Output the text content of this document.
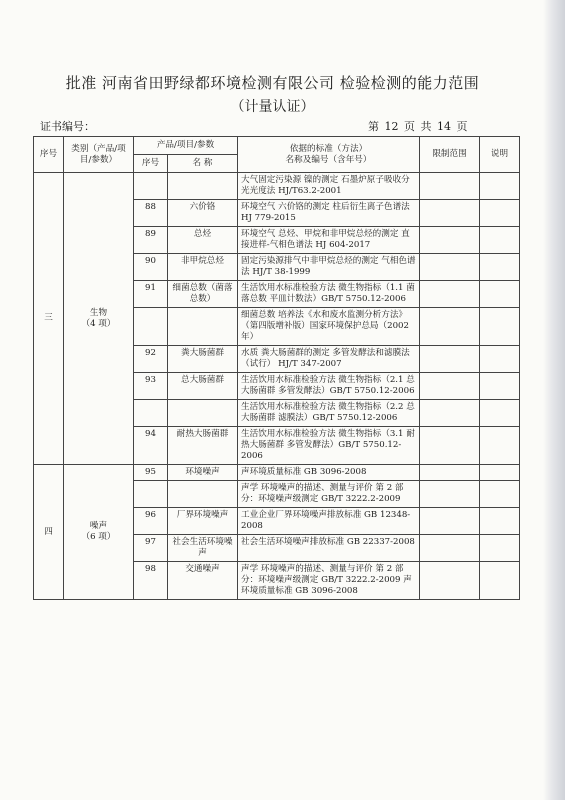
批准 河南省田野绿都环境检测有限公司 检验检测的能力范围
（计量认证）
证书编号：	第 12 页 共 14 页
序号	类别（产品/项目/参数）	产品/项目/参数		依据的标准（方法）
名称及编号（含年号）	限制范围	说明
		序号	名 称			
三	生物
（4 项）			大气固定污染源 镍的测定 石墨炉原子吸收分光光度法 HJ/T63.2-2001		
		88	六价铬	环境空气 六价铬的测定 柱后衍生离子色谱法 HJ 779-2015		
		89	总烃	环境空气 总烃、甲烷和非甲烷总烃的测定 直接进样-气相色谱法 HJ 604-2017		
		90	非甲烷总烃	固定污染源排气中非甲烷总烃的测定 气相色谱法 HJ/T 38-1999		
		91	细菌总数（菌落总数）	生活饮用水标准检验方法 微生物指标（1.1 菌落总数 平皿计数法）GB/T 5750.12-2006		
				细菌总数 培养法《水和废水监测分析方法》（第四版增补版）国家环境保护总局（2002 年）		
		92	粪大肠菌群	水质 粪大肠菌群的测定 多管发酵法和滤膜法（试行） HJ/T 347-2007		
		93	总大肠菌群	生活饮用水标准检验方法 微生物指标（2.1 总大肠菌群 多管发酵法）GB/T 5750.12-2006		
				生活饮用水标准检验方法 微生物指标（2.2 总大肠菌群 滤膜法）GB/T 5750.12-2006		
		94	耐热大肠菌群	生活饮用水标准检验方法 微生物指标（3.1 耐热大肠菌群 多管发酵法）GB/T 5750.12-2006		
四	噪声
（6 项）	95	环境噪声	声环境质量标准 GB 3096-2008		
				声学 环境噪声的描述、测量与评价 第 2 部分：环境噪声级测定 GB/T 3222.2-2009		
		96	厂界环境噪声	工业企业厂界环境噪声排放标准 GB 12348-2008		
		97	社会生活环境噪声	社会生活环境噪声排放标准 GB 22337-2008		
		98	交通噪声	声学 环境噪声的描述、测量与评价 第 2 部分：环境噪声级测定 GB/T 3222.2-2009 声环境质量标准 GB 3096-2008		
